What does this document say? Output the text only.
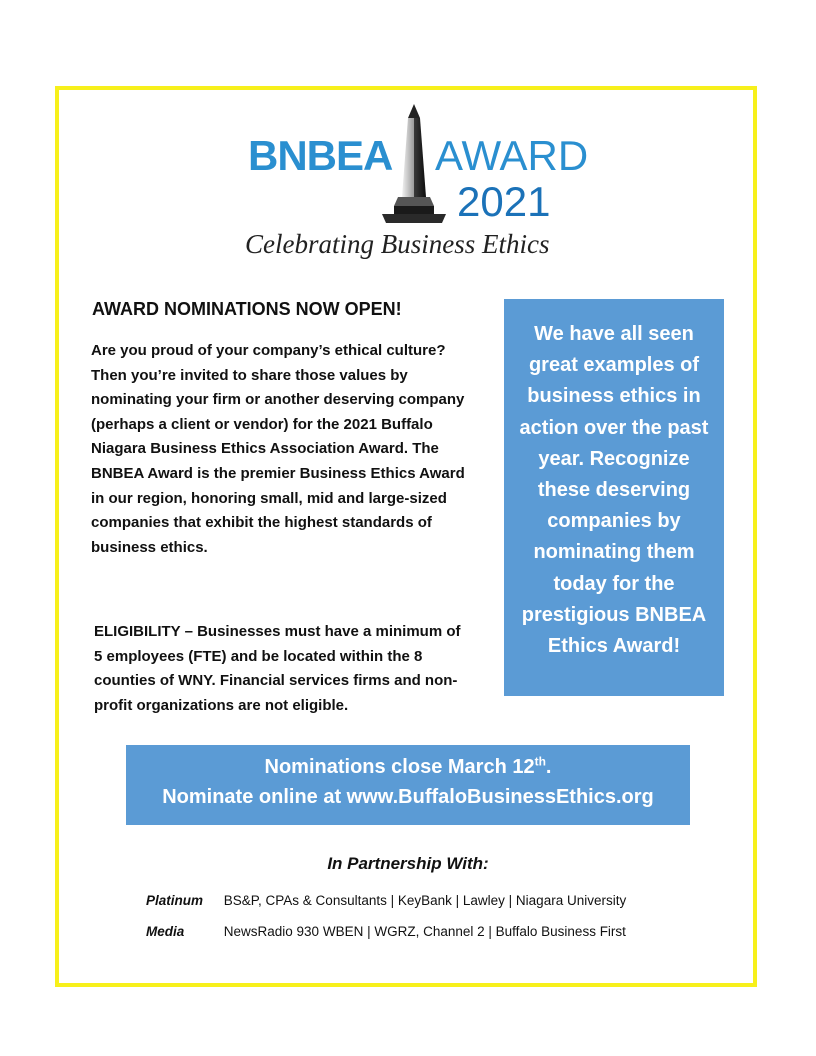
BNBEA AWARD
2021
Celebrating Business Ethics
AWARD NOMINATIONS NOW OPEN!
Are you proud of your company’s ethical culture? Then you’re invited to share those values by nominating your firm or another deserving company (perhaps a client or vendor) for the 2021 Buffalo Niagara Business Ethics Association Award. The BNBEA Award is the premier Business Ethics Award in our region, honoring small, mid and large-sized companies that exhibit the highest standards of business ethics.
ELIGIBILITY – Businesses must have a minimum of 5 employees (FTE) and be located within the 8 counties of WNY. Financial services firms and non-profit organizations are not eligible.
We have all seen great examples of business ethics in action over the past year. Recognize these deserving companies by nominating them today for the prestigious BNBEA Ethics Award!
Nominations close March 12th.
Nominate online at www.BuffaloBusinessEthics.org
In Partnership With:
Platinum BS&P, CPAs & Consultants | KeyBank | Lawley | Niagara University
Media	NewsRadio 930 WBEN | WGRZ, Channel 2 | Buffalo Business First
